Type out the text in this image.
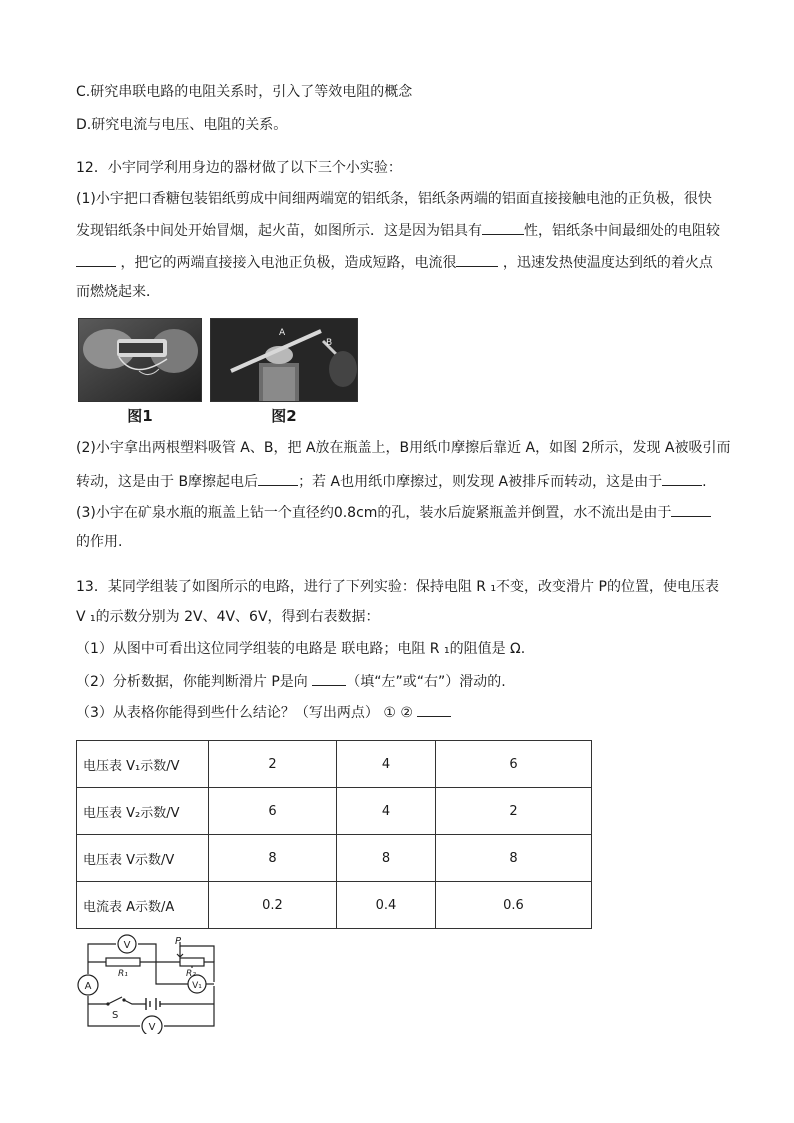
C.研究串联电路的电阻关系时，引入了等效电阻的概念
D.研究电流与电压、电阻的关系。
12．小宇同学利用身边的器材做了以下三个小实验：
(1)小宇把口香糖包装铝纸剪成中间细两端宽的铝纸条，铝纸条两端的铝面直接接触电池的正负极，很快
发现铝纸条中间处开始冒烟，起火苗，如图所示．这是因为铝具有	性，铝纸条中间最细处的电阻较
，把它的两端直接接入电池正负极，造成短路，电流很	，迅速发热使温度达到纸的着火点
而燃烧起来．
图1
A
B
图2
(2)小宇拿出两根塑料吸管 A、B，把 A放在瓶盖上，B用纸巾摩擦后靠近 A，如图 2所示，发现 A被吸引而
转动，这是由于 B摩擦起电后	；若 A也用纸巾摩擦过，则发现 A被排斥而转动，这是由于	.
(3)小宇在矿泉水瓶的瓶盖上钻一个直径约0.8cm的孔，装水后旋紧瓶盖并倒置，水不流出是由于
的作用.
13．某同学组装了如图所示的电路，进行了下列实验：保持电阻 R ₁不变，改变滑片 P的位置，使电压表
V ₁的示数分别为 2V、4V、6V，得到右表数据：
（1）从图中可看出这位同学组装的电路是 联电路；电阻 R ₁的阻值是 Ω.
（2）分析数据，你能判断滑片 P是向	（填“左”或“右”）滑动的.
（3）从表格你能得到些什么结论？（写出两点） ① ②
电压表 V₁示数/V	2	4	6
电压表 V₂示数/V	6	4	2
电压表 V示数/V	8	8	8
电流表 A示数/A	0.2	0.4	0.6
V
A	V₁
V
R₁	R₂
P
S
